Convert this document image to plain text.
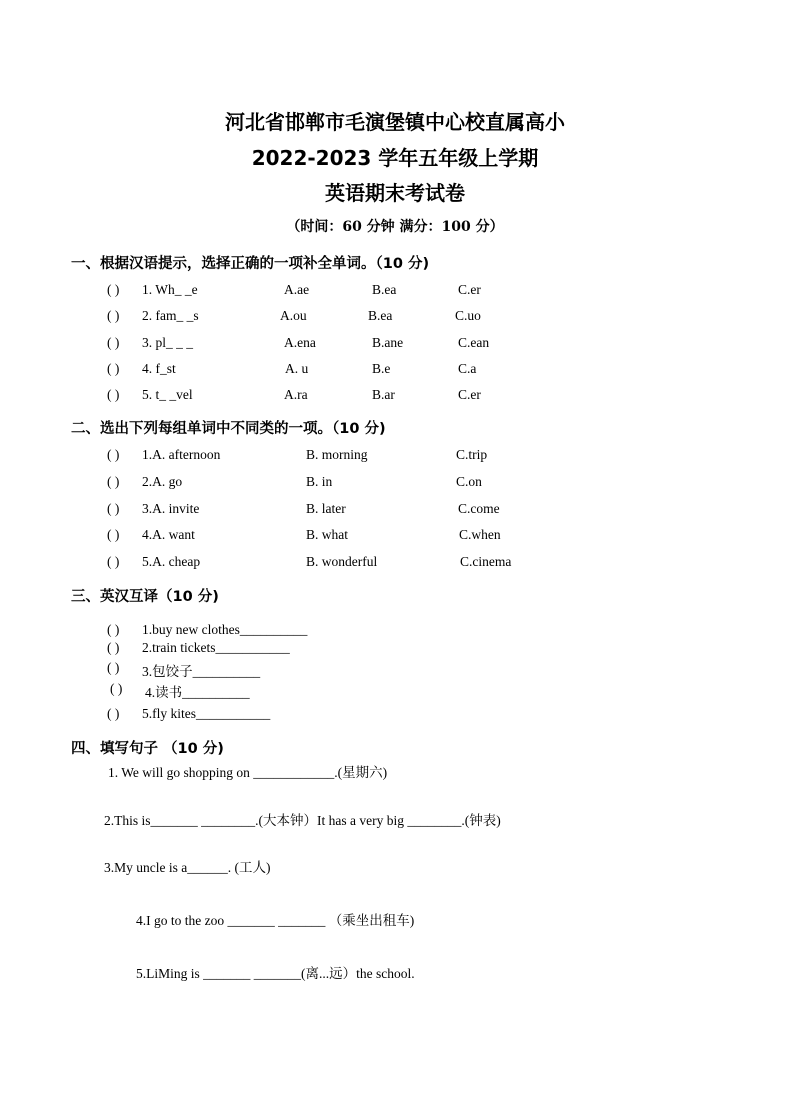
河北省邯郸市毛演堡镇中心校直属高小
2022-2023 学年五年级上学期
英语期末考试卷
（时间：60 分钟 满分：100 分）
一、根据汉语提示，选择正确的一项补全单词。（10 分)
( ) 1. Wh_ _e	A.ae	B.ea	C.er
( ) 2. fam_ _s	A.ou	B.ea	C.uo
( ) 3. pl_ _ _	A.ena	B.ane	C.ean
( ) 4. f_st	A. u	B.e	C.a
( ) 5. t_ _vel	A.ra	B.ar	C.er
二、选出下列每组单词中不同类的一项。（10 分)
( ) 1.A. afternoon	B. morning	C.trip
( ) 2.A. go	B. in	C.on
( ) 3.A. invite	B. later	C.come
( ) 4.A. want	B. what	C.when
( ) 5.A. cheap	B. wonderful	C.cinema
三、英汉互译（10 分)
( ) 1.buy new clothes__________
( ) 2.train tickets___________
( ) 3.包饺子__________
( ) 4.读书__________
( ) 5.fly kites___________
四、填写句子 （10 分)
1. We will go shopping on ____________.(星期六)
2.This is_______ ________.(大本钟）It has a very big ________.(钟表)
3.My uncle is a______. (工人)
4.I go to the zoo _______ _______ （乘坐出租车)
5.LiMing is _______ _______(离...远）the school.
